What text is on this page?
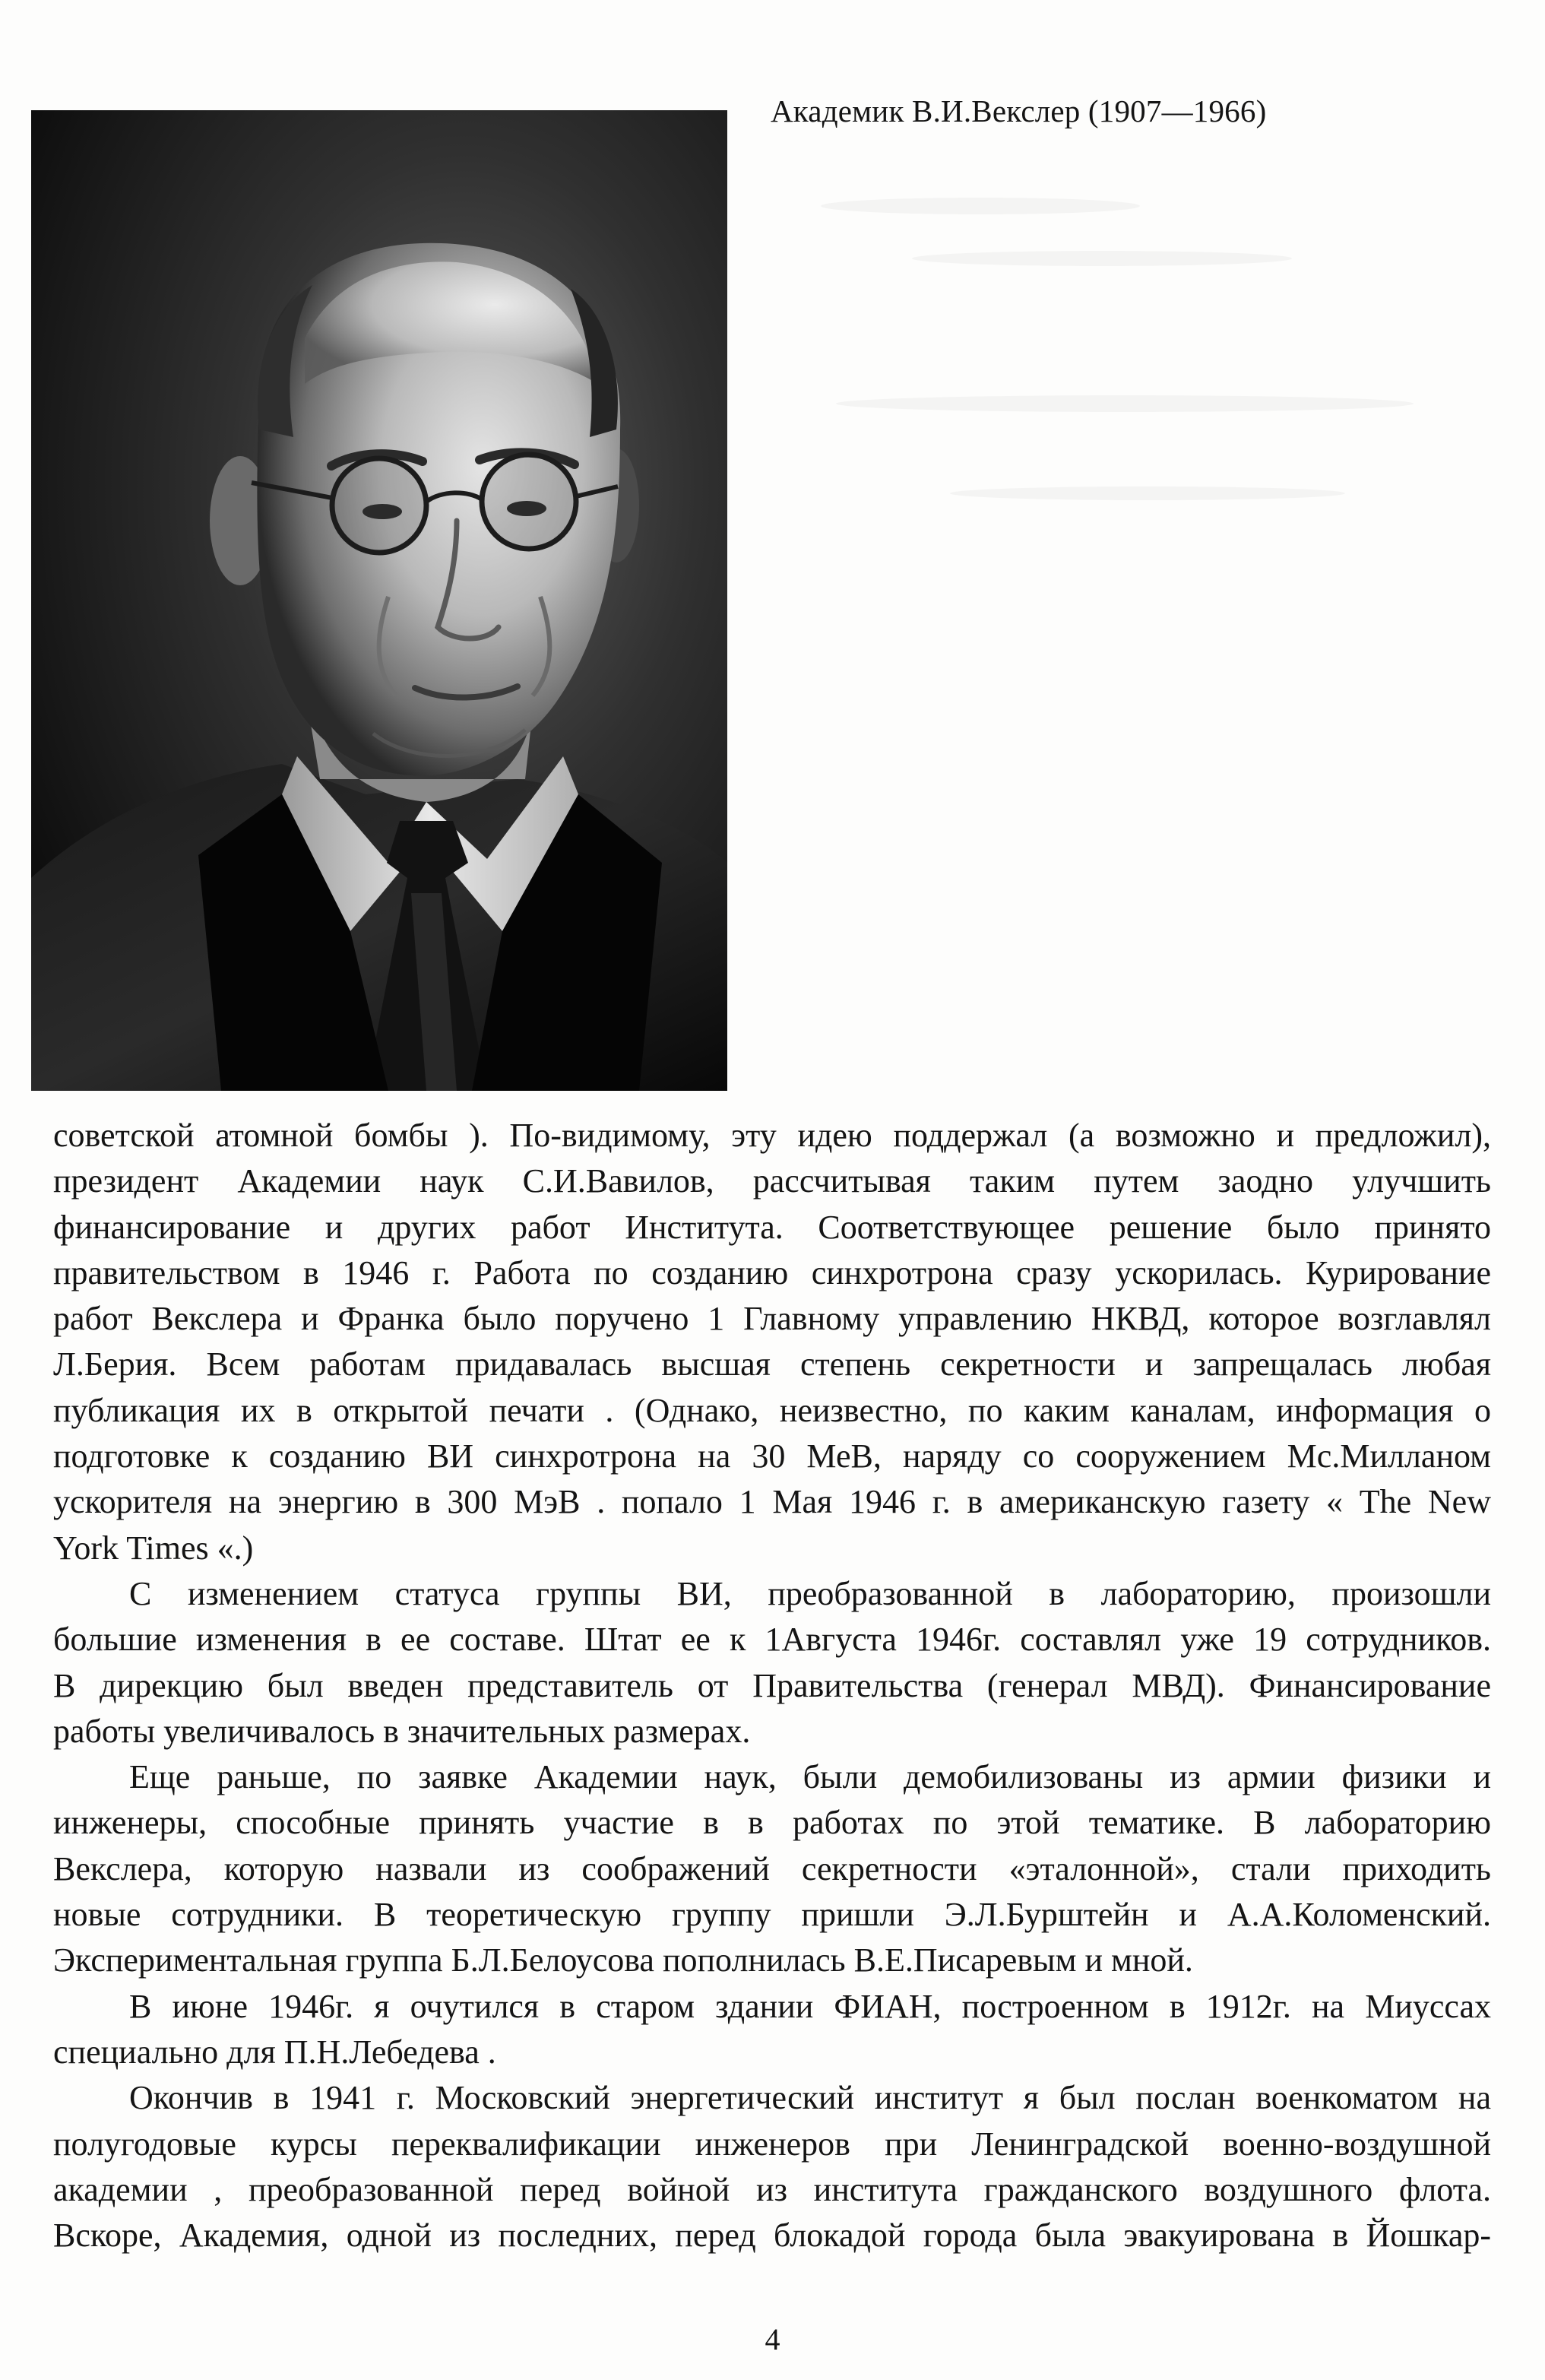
Академик В.И.Векслер (1907—1966)
советской атомной бомбы ). По-видимому, эту идею поддержал (а возможно и предложил),
президент Академии наук С.И.Вавилов, рассчитывая таким путем заодно улучшить
финансирование и других работ Института. Соответствующее решение было принято
правительством в 1946 г. Работа по созданию синхротрона сразу ускорилась. Курирование
работ Векслера и Франка было поручено 1 Главному управлению НКВД, которое возглавлял
Л.Берия. Всем работам придавалась высшая степень секретности и запрещалась любая
публикация их в открытой печати . (Однако, неизвестно, по каким каналам, информация о
подготовке к созданию ВИ синхротрона на 30 МеВ, наряду со сооружением Мс.Милланом
ускорителя на энергию в 300 МэВ . попало 1 Мая 1946 г. в американскую газету « The New
York Times «.)
С изменением статуса группы ВИ, преобразованной в лабораторию, произошли
большие изменения в ее составе. Штат ее к 1Августа 1946г. составлял уже 19 сотрудников.
В дирекцию был введен представитель от Правительства (генерал МВД). Финансирование
работы увеличивалось в значительных размерах.
Еще раньше, по заявке Академии наук, были демобилизованы из армии физики и
инженеры, способные принять участие в в работах по этой тематике. В лабораторию
Векслера, которую назвали из соображений секретности «эталонной», стали приходить
новые сотрудники. В теоретическую группу пришли Э.Л.Бурштейн и А.А.Коломенский.
Экспериментальная группа Б.Л.Белоусова пополнилась В.Е.Писаревым и мной.
В июне 1946г. я очутился в старом здании ФИАН, построенном в 1912г. на Миуссах
специально для П.Н.Лебедева .
Окончив в 1941 г. Московский энергетический институт я был послан военкоматом на
полугодовые курсы переквалификации инженеров при Ленинградской военно-воздушной
академии , преобразованной перед войной из института гражданского воздушного флота.
Вскоре, Академия, одной из последних, перед блокадой города была эвакуирована в Йошкар-
4
